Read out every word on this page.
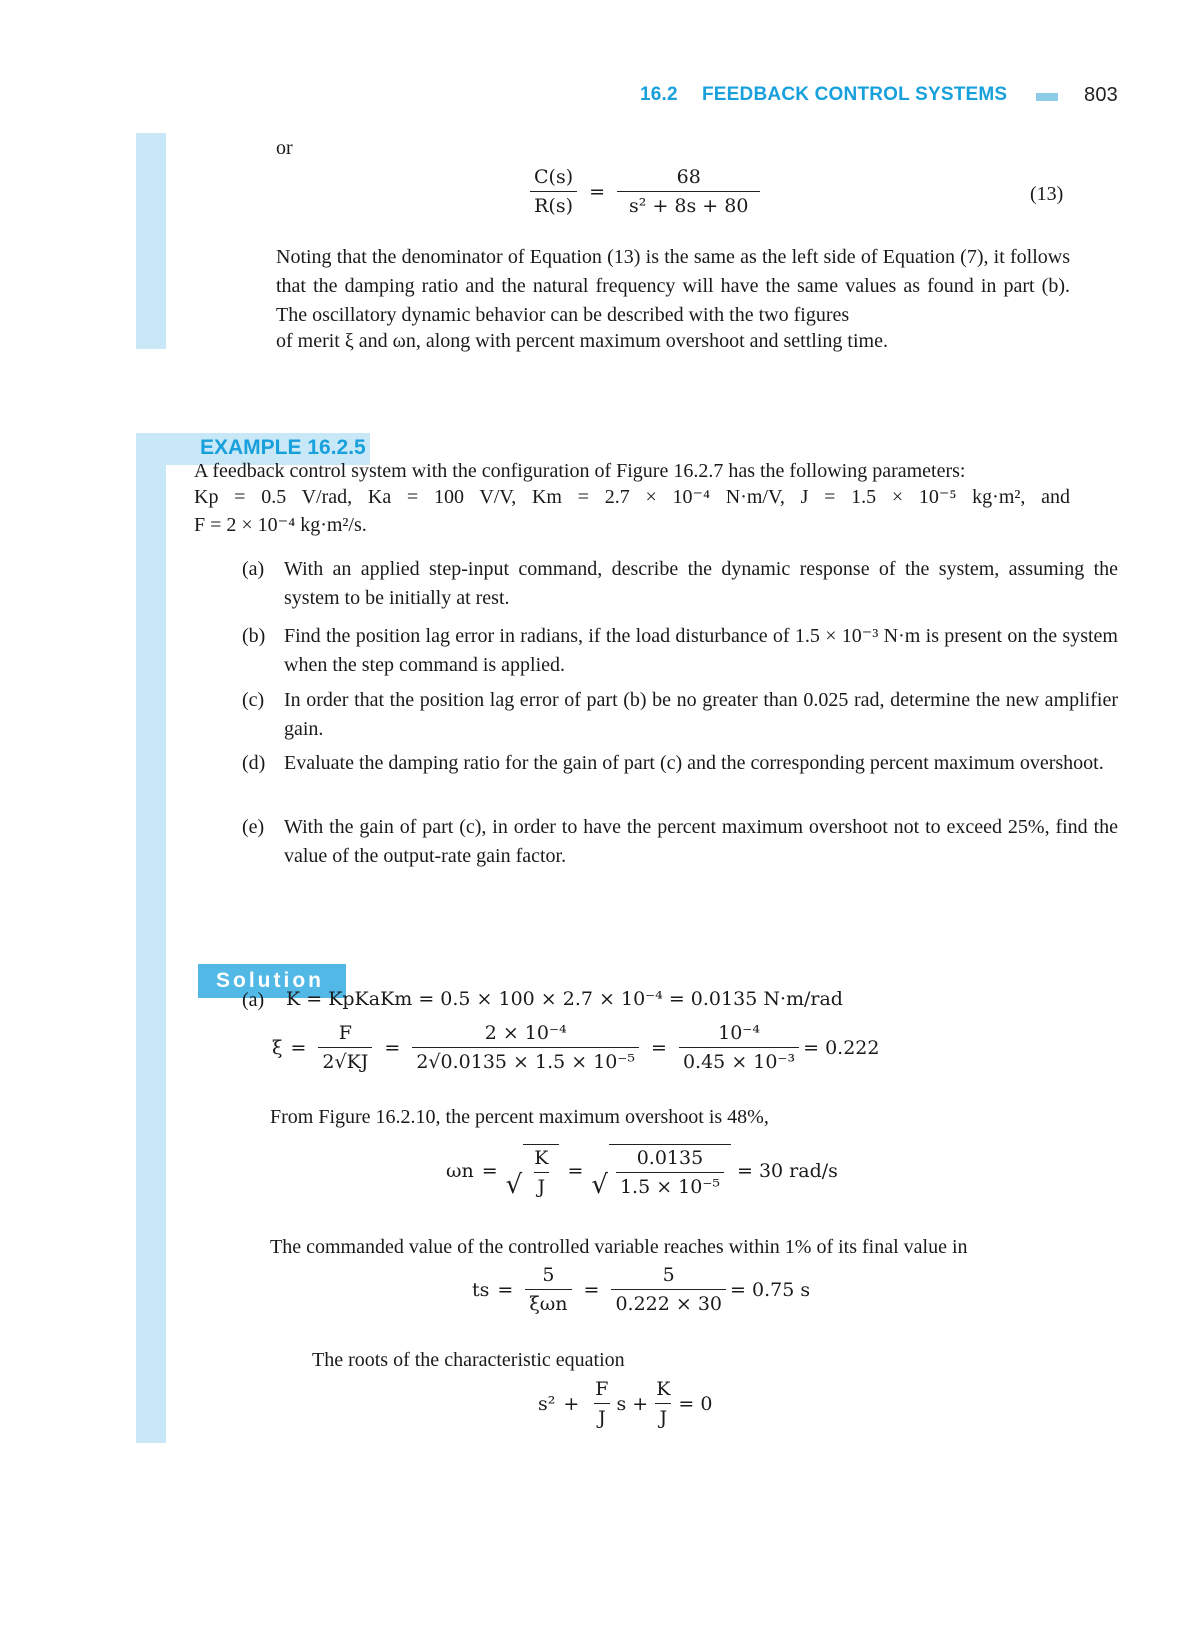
16.2 FEEDBACK CONTROL SYSTEMS	803
or
$\frac{C(s)}{R(s)} = \frac{68}{\text{s² + 8s + 80}}$	(13)
Noting that the denominator of Equation (13) is the same as the left side of Equation (7), it follows that the damping ratio and the natural frequency will have the same values as found in part (b). The oscillatory dynamic behavior can be described with the two figures
of merit ξ and ωn, along with percent maximum overshoot and settling time.
EXAMPLE 16.2.5
A feedback control system with the configuration of Figure 16.2.7 has the following parameters:
Kp = 0.5 V/rad, Ka = 100 V/V, Km = 2.7 × 10⁻⁴ N·m/V, J = 1.5 × 10⁻⁵ kg·m², and
F = 2 × 10⁻⁴ kg·m²/s.
(a) With an applied step-input command, describe the dynamic response of the system, assuming the system to be initially at rest.
(b) Find the position lag error in radians, if the load disturbance of 1.5 × 10⁻³ N·m is present on the system when the step command is applied.
(c) In order that the position lag error of part (b) be no greater than 0.025 rad, determine the new amplifier gain.
(d) Evaluate the damping ratio for the gain of part (c) and the corresponding percent maximum overshoot.
(e) With the gain of part (c), in order to have the percent maximum overshoot not to exceed 25%, find the value of the output-rate gain factor.
Solution
(a) K = KpKaKm = 0.5 × 100 × 2.7 × 10⁻⁴ = 0.0135 N·m/rad
$\xi = \frac{F}{2√KJ} = \frac{\text{2 × 10⁻⁴}}{\text{2√0.0135 × 1.5 × 10⁻⁵}} = \frac{\text{10⁻⁴}}{\text{0.45 × 10⁻³}} = 0.222$
From Figure 16.2.10, the percent maximum overshoot is 48%,
ωn = √ $\frac{K}{J}$ = √ $\frac{0.0135}{\text{1.5 × 10⁻⁵}} = 30$ rad/s
The commanded value of the controlled variable reaches within 1% of its final value in
ts = $\frac{5}{\text{ξωn}} = \frac{5}{0.222 \times 30} = 0.75$ s
The roots of the characteristic equation
$s^2 + \frac{F}{J}$ $s + \frac{K}{J} = 0$
